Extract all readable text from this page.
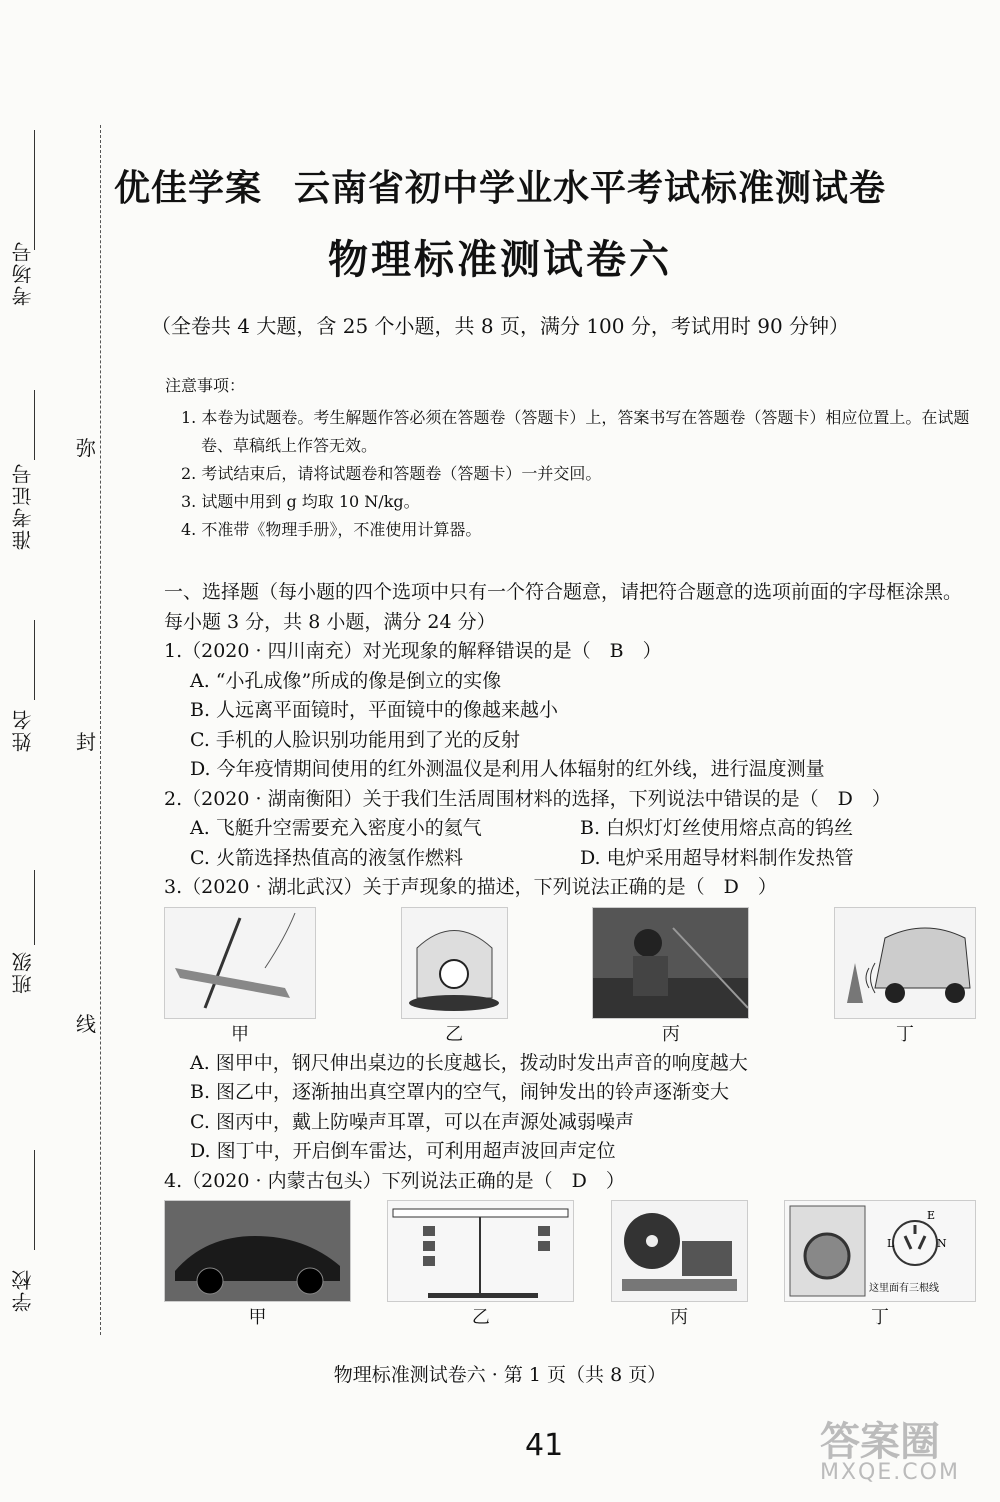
考场号
准考证号
姓名
班级
学校
弥
封
线
优佳学案 云南省初中学业水平考试标准测试卷
物理标准测试卷六
（全卷共 4 大题，含 25 个小题，共 8 页，满分 100 分，考试用时 90 分钟）
注意事项：
1. 本卷为试题卷。考生解题作答必须在答题卷（答题卡）上，答案书写在答题卷（答题卡）相应位置上。在试题卷、草稿纸上作答无效。
2. 考试结束后，请将试题卷和答题卷（答题卡）一并交回。
3. 试题中用到 g 均取 10 N/kg。
4. 不准带《物理手册》，不准使用计算器。
一、选择题（每小题的四个选项中只有一个符合题意，请把符合题意的选项前面的字母框涂黑。每小题 3 分，共 8 小题，满分 24 分）
1.（2020 · 四川南充）对光现象的解释错误的是（　B　）
A. “小孔成像”所成的像是倒立的实像
B. 人远离平面镜时，平面镜中的像越来越小
C. 手机的人脸识别功能用到了光的反射
D. 今年疫情期间使用的红外测温仪是利用人体辐射的红外线，进行温度测量
2.（2020 · 湖南衡阳）关于我们生活周围材料的选择，下列说法中错误的是（　D　）
A. 飞艇升空需要充入密度小的氦气	B. 白炽灯灯丝使用熔点高的钨丝
C. 火箭选择热值高的液氢作燃料	D. 电炉采用超导材料制作发热管
3.（2020 · 湖北武汉）关于声现象的描述，下列说法正确的是（　D　）
甲	乙	丙	丁
A. 图甲中，钢尺伸出桌边的长度越长，拨动时发出声音的响度越大
B. 图乙中，逐渐抽出真空罩内的空气，闹钟发出的铃声逐渐变大
C. 图丙中，戴上防噪声耳罩，可以在声源处减弱噪声
D. 图丁中，开启倒车雷达，可利用超声波回声定位
4.（2020 · 内蒙古包头）下列说法正确的是（　D　）
甲	乙	丙
E
L	N
这里面有三根线
丁
物理标准测试卷六 · 第 1 页（共 8 页）
41	答案圈
MXQE.COM
